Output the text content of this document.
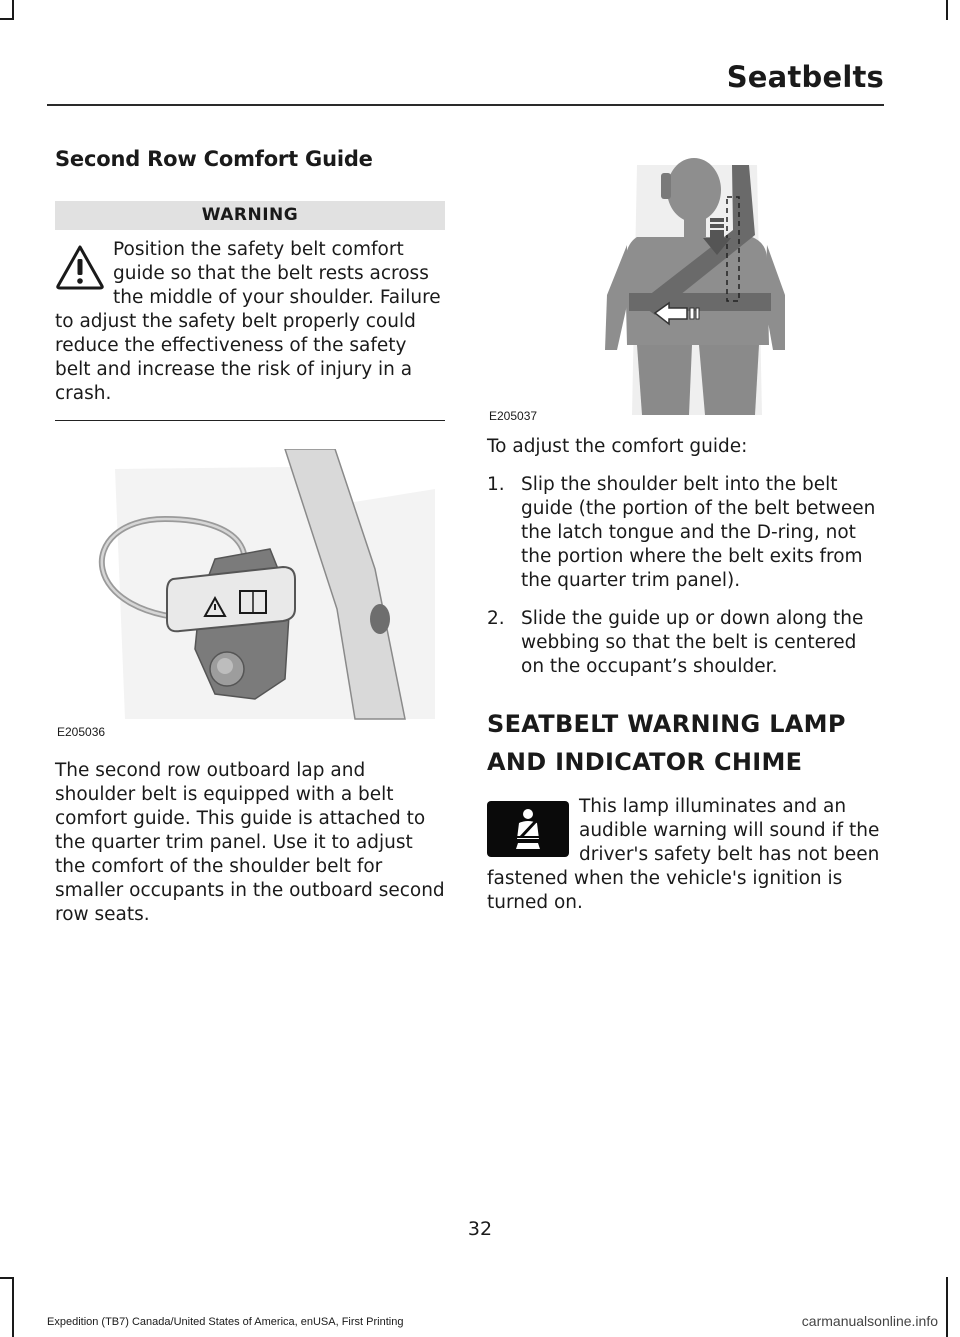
Seatbelts
Second Row Comfort Guide
WARNING

Position the safety belt comfort guide so that the belt rests across the middle of your shoulder. Failure to adjust the safety belt properly could reduce the effectiveness of the safety belt and increase the risk of injury in a crash.

E205036

The second row outboard lap and shoulder belt is equipped with a belt comfort guide. This guide is attached to the quarter trim panel. Use it to adjust the comfort of the shoulder belt for smaller occupants in the outboard second row seats.

E205037

To adjust the comfort guide:

1. Slip the shoulder belt into the belt guide (the portion of the belt between the latch tongue and the D-ring, not the portion where the belt exits from the quarter trim panel).
2. Slide the guide up or down along the webbing so that the belt is centered on the occupant’s shoulder.
SEATBELT WARNING LAMP
AND INDICATOR CHIME

This lamp illuminates and an audible warning will sound if the driver's safety belt has not been fastened when the vehicle's ignition is turned on.

32
Expedition (TB7) Canada/United States of America, enUSA, First Printing	carmanualsonline.info
